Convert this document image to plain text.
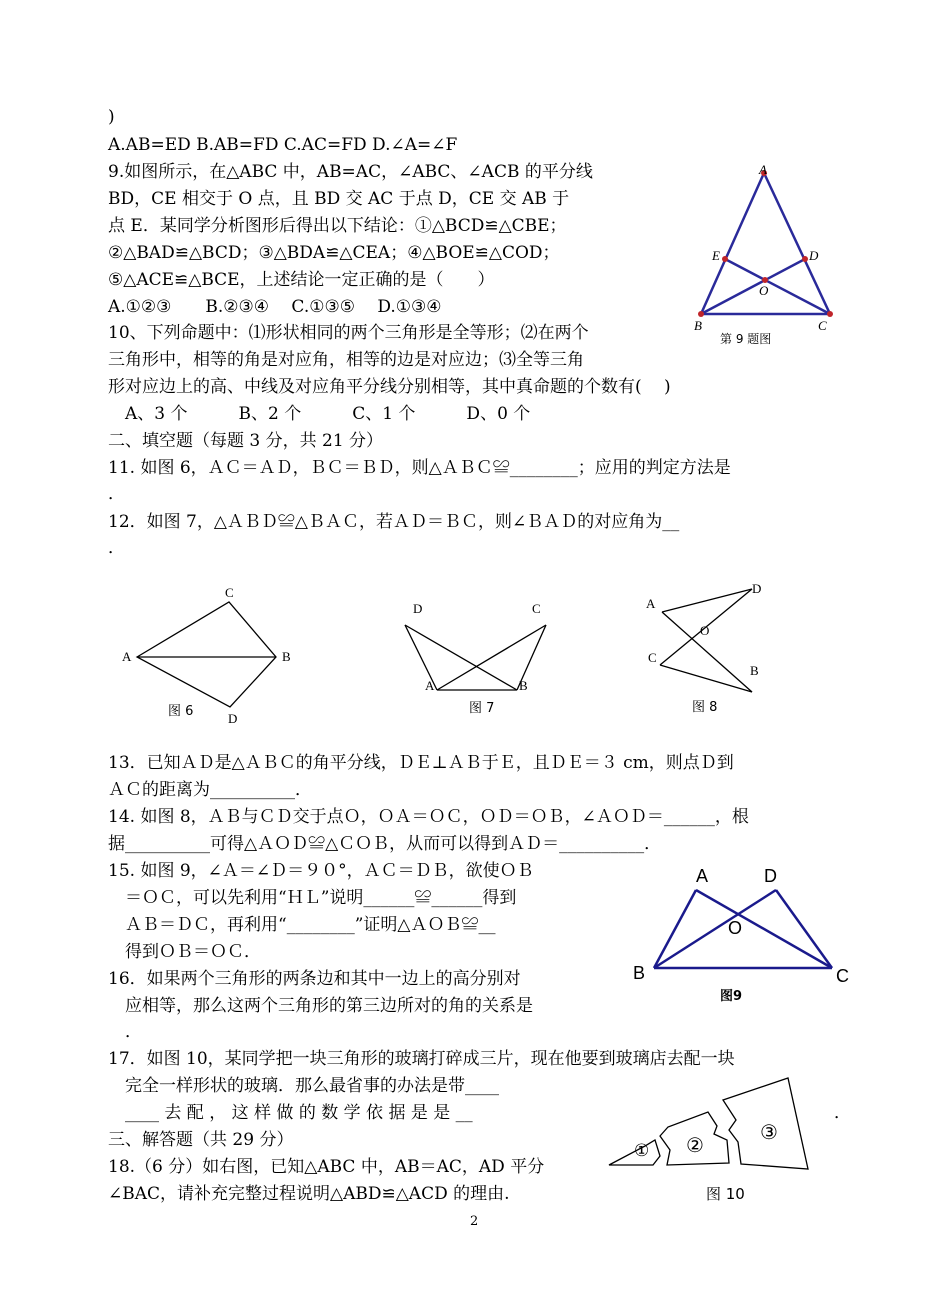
)
A.AB=ED B.AB=FD C.AC=FD D.∠A=∠F
9.如图所示，在△ABC 中，AB=AC，∠ABC、∠ACB 的平分线
BD，CE 相交于 O 点，且 BD 交 AC 于点 D，CE 交 AB 于
点 E．某同学分析图形后得出以下结论：①△BCD≌△CBE；
②△BAD≌△BCD；③△BDA≌△CEA；④△BOE≌△COD；
⑤△ACE≌△BCE，上述结论一定正确的是（　　）
A.①②③　　B.②③④　 C.①③⑤　 D.①③④
10、下列命题中：⑴形状相同的两个三角形是全等形；⑵在两个
三角形中，相等的角是对应角，相等的边是对应边；⑶全等三角
形对应边上的高、中线及对应角平分线分别相等，其中真命题的个数有(　 )
　A、3 个　　　B、2 个　　　C、1 个　　　D、0 个
二、填空题（每题 3 分，共 21 分）
11. 如图 6，ＡＣ＝ＡＤ，ＢＣ＝ＢＤ，则△ＡＢＣ≌________；应用的判定方法是
．
12．如图 7，△ＡＢＤ≌△ＢＡＣ，若ＡＤ＝ＢＣ，则∠ＢＡＤ的对应角为__
．
13．已知ＡＤ是△ＡＢＣ的角平分线，ＤＥ⊥ＡＢ于Ｅ，且ＤＥ＝３ cm，则点Ｄ到
ＡＣ的距离为__________．
14. 如图 8，ＡＢ与ＣＤ交于点Ｏ，ＯＡ＝ＯＣ，ＯＤ＝ＯＢ，∠ＡＯＤ＝______，根
据__________可得△ＡＯＤ≌△ＣＯＢ，从而可以得到ＡＤ＝__________．
15. 如图 9，∠Ａ＝∠Ｄ＝９０°，ＡＣ＝ＤＢ，欲使ＯＢ
　＝ＯＣ，可以先利用“ＨＬ”说明______≌______得到
　ＡＢ＝ＤＣ，再利用“________”证明△ＡＯＢ≌__
　得到ＯＢ＝ＯＣ．
16．如果两个三角形的两条边和其中一边上的高分别对
　应相等，那么这两个三角形的第三边所对的角的关系是
　．
17．如图 10，某同学把一块三角形的玻璃打碎成三片，现在他要到玻璃店去配一块
　完全一样形状的玻璃．那么最省事的办法是带____
　____ 去 配 ， 这 样 做 的 数 学 依 据 是 是 __	．
三、解答题（共 29 分）
18.（6 分）如右图，已知△ABC 中，AB＝AC，AD 平分
∠BAC，请补充完整过程说明△ABD≌△ACD 的理由.
A
E	D
O
B	C
第 9 题图
C
A	B
D
图 6
D	C
A	B
图 7
A
D
O
C
B
图 8
A	D
O
B	C
图9
① ②
③
图 10
2
